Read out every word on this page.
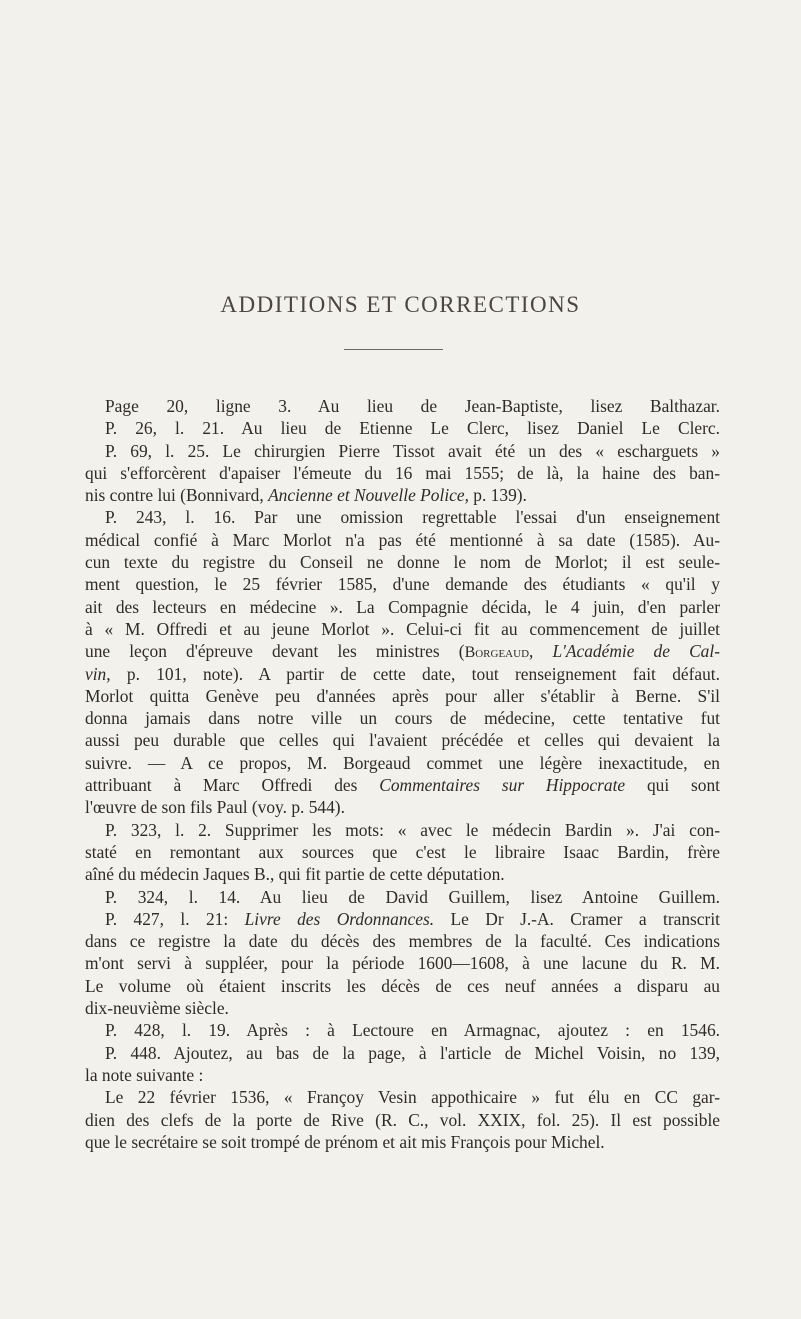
ADDITIONS ET CORRECTIONS
Page 20, ligne 3. Au lieu de Jean-Baptiste, lisez Balthazar.
P. 26, l. 21. Au lieu de Etienne Le Clerc, lisez Daniel Le Clerc.
P. 69, l. 25. Le chirurgien Pierre Tissot avait été un des « escharguets »
qui s'efforcèrent d'apaiser l'émeute du 16 mai 1555; de là, la haine des ban-
nis contre lui (Bonnivard, Ancienne et Nouvelle Police, p. 139).
P. 243, l. 16. Par une omission regrettable l'essai d'un enseignement
médical confié à Marc Morlot n'a pas été mentionné à sa date (1585). Au-
cun texte du registre du Conseil ne donne le nom de Morlot; il est seule-
ment question, le 25 février 1585, d'une demande des étudiants « qu'il y
ait des lecteurs en médecine ». La Compagnie décida, le 4 juin, d'en parler
à « M. Offredi et au jeune Morlot ». Celui-ci fit au commencement de juillet
une leçon d'épreuve devant les ministres (Borgeaud, L'Académie de Cal-
vin, p. 101, note). A partir de cette date, tout renseignement fait défaut.
Morlot quitta Genève peu d'années après pour aller s'établir à Berne. S'il
donna jamais dans notre ville un cours de médecine, cette tentative fut
aussi peu durable que celles qui l'avaient précédée et celles qui devaient la
suivre. — A ce propos, M. Borgeaud commet une légère inexactitude, en
attribuant à Marc Offredi des Commentaires sur Hippocrate qui sont
l'œuvre de son fils Paul (voy. p. 544).
P. 323, l. 2. Supprimer les mots: « avec le médecin Bardin ». J'ai con-
staté en remontant aux sources que c'est le libraire Isaac Bardin, frère
aîné du médecin Jaques B., qui fit partie de cette députation.
P. 324, l. 14. Au lieu de David Guillem, lisez Antoine Guillem.
P. 427, l. 21: Livre des Ordonnances. Le Dr J.-A. Cramer a transcrit
dans ce registre la date du décès des membres de la faculté. Ces indications
m'ont servi à suppléer, pour la période 1600—1608, à une lacune du R. M.
Le volume où étaient inscrits les décès de ces neuf années a disparu au
dix-neuvième siècle.
P. 428, l. 19. Après : à Lectoure en Armagnac, ajoutez : en 1546.
P. 448. Ajoutez, au bas de la page, à l'article de Michel Voisin, no 139,
la note suivante :
Le 22 février 1536, « Françoy Vesin appothicaire » fut élu en CC gar-
dien des clefs de la porte de Rive (R. C., vol. XXIX, fol. 25). Il est possible
que le secrétaire se soit trompé de prénom et ait mis François pour Michel.
